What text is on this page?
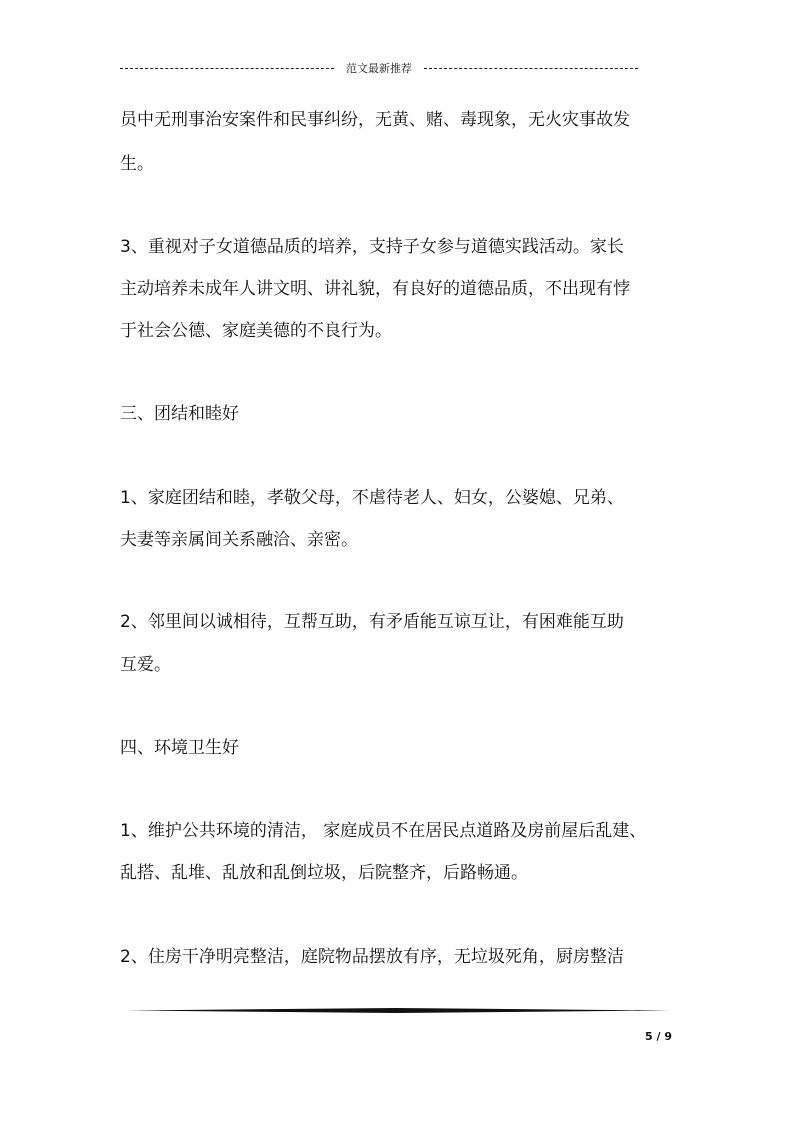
范文最新推荐

员中无刑事治安案件和民事纠纷，无黄、赌、毒现象，无火灾事故发

生。

3、重视对子女道德品质的培养，支持子女参与道德实践活动。家长

主动培养未成年人讲文明、讲礼貌，有良好的道德品质，不出现有悖

于社会公德、家庭美德的不良行为。

三、团结和睦好

1、家庭团结和睦，孝敬父母，不虐待老人、妇女，公婆媳、兄弟、

夫妻等亲属间关系融洽、亲密。

2、邻里间以诚相待，互帮互助，有矛盾能互谅互让，有困难能互助

互爱。

四、环境卫生好

1、维护公共环境的清洁， 家庭成员不在居民点道路及房前屋后乱建、

乱搭、乱堆、乱放和乱倒垃圾，后院整齐，后路畅通。

2、住房干净明亮整洁，庭院物品摆放有序，无垃圾死角，厨房整洁

5 / 9
